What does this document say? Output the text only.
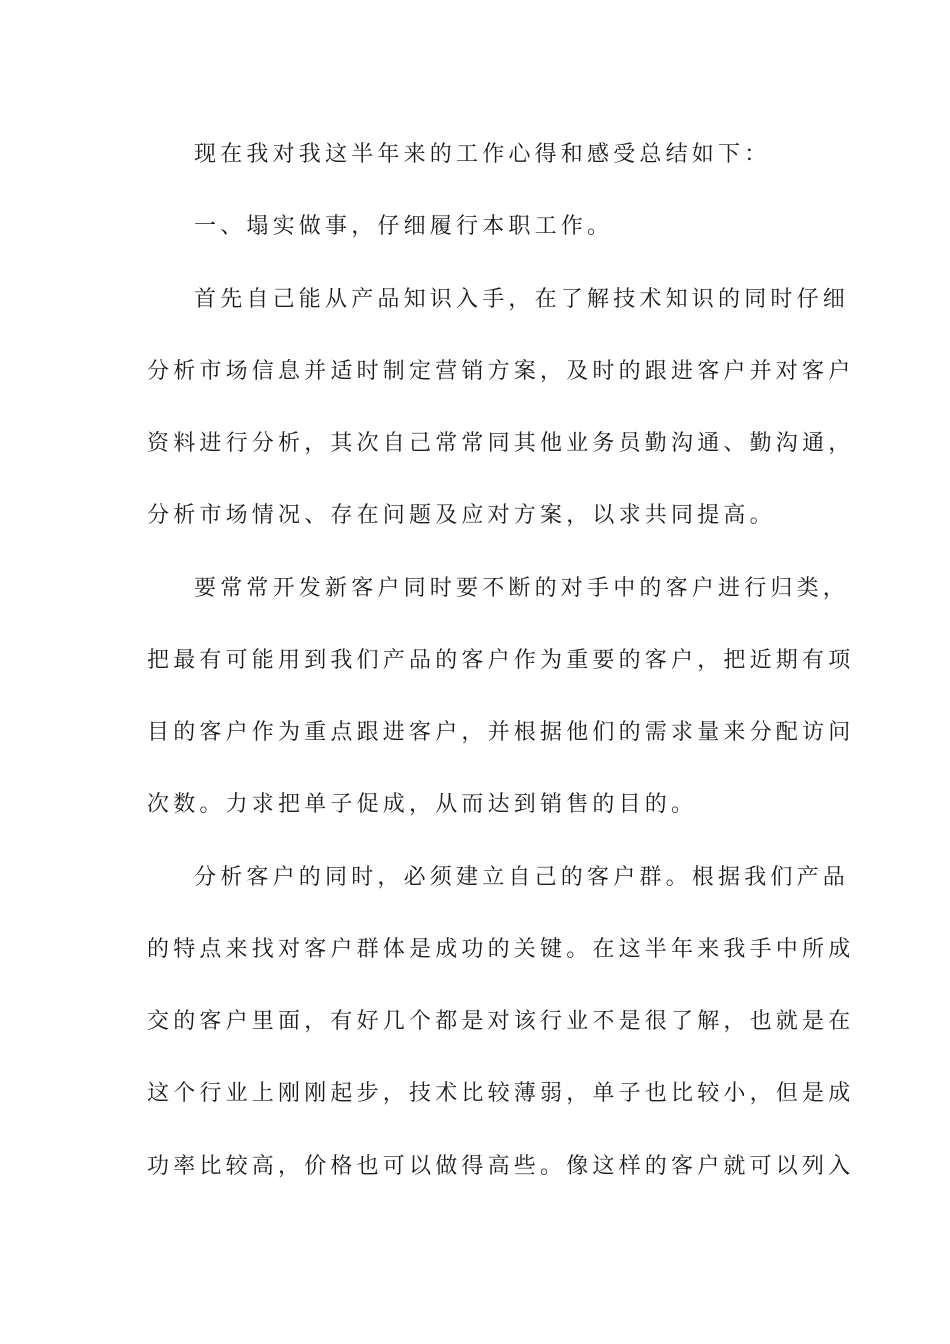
现在我对我这半年来的工作心得和感受总结如下：
一、塌实做事，仔细履行本职工作。
首先自己能从产品知识入手，在了解技术知识的同时仔细
分析市场信息并适时制定营销方案，及时的跟进客户并对客户
资料进行分析，其次自己常常同其他业务员勤沟通、勤沟通，
分析市场情况、存在问题及应对方案，以求共同提高。
要常常开发新客户同时要不断的对手中的客户进行归类，
把最有可能用到我们产品的客户作为重要的客户，把近期有项
目的客户作为重点跟进客户，并根据他们的需求量来分配访问
次数。力求把单子促成，从而达到销售的目的。
分析客户的同时，必须建立自己的客户群。根据我们产品
的特点来找对客户群体是成功的关键。在这半年来我手中所成
交的客户里面，有好几个都是对该行业不是很了解，也就是在
这个行业上刚刚起步，技术比较薄弱，单子也比较小，但是成
功率比较高，价格也可以做得高些。像这样的客户就可以列入
